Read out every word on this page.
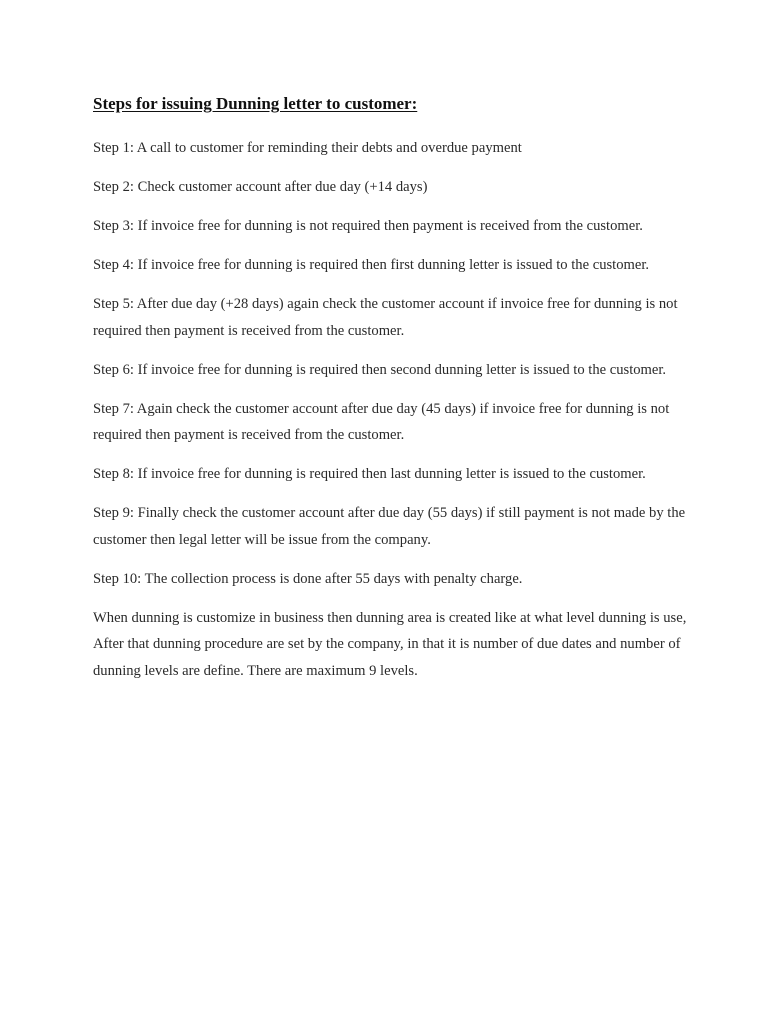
Steps for issuing Dunning letter to customer:

Step 1: A call to customer for reminding their debts and overdue payment

Step 2: Check customer account after due day (+14 days)

Step 3: If invoice free for dunning is not required then payment is received from the customer.

Step 4: If invoice free for dunning is required then first dunning letter is issued to the customer.

Step 5: After due day (+28 days) again check the customer account if invoice free for dunning is not required then payment is received from the customer.

Step 6: If invoice free for dunning is required then second dunning letter is issued to the customer.

Step 7: Again check the customer account after due day (45 days) if invoice free for dunning is not required then payment is received from the customer.

Step 8: If invoice free for dunning is required then last dunning letter is issued to the customer.

Step 9: Finally check the customer account after due day (55 days) if still payment is not made by the customer then legal letter will be issue from the company.

Step 10: The collection process is done after 55 days with penalty charge.

When dunning is customize in business then dunning area is created like at what level dunning is use, After that dunning procedure are set by the company, in that it is number of due dates and number of dunning levels are define. There are maximum 9 levels.
